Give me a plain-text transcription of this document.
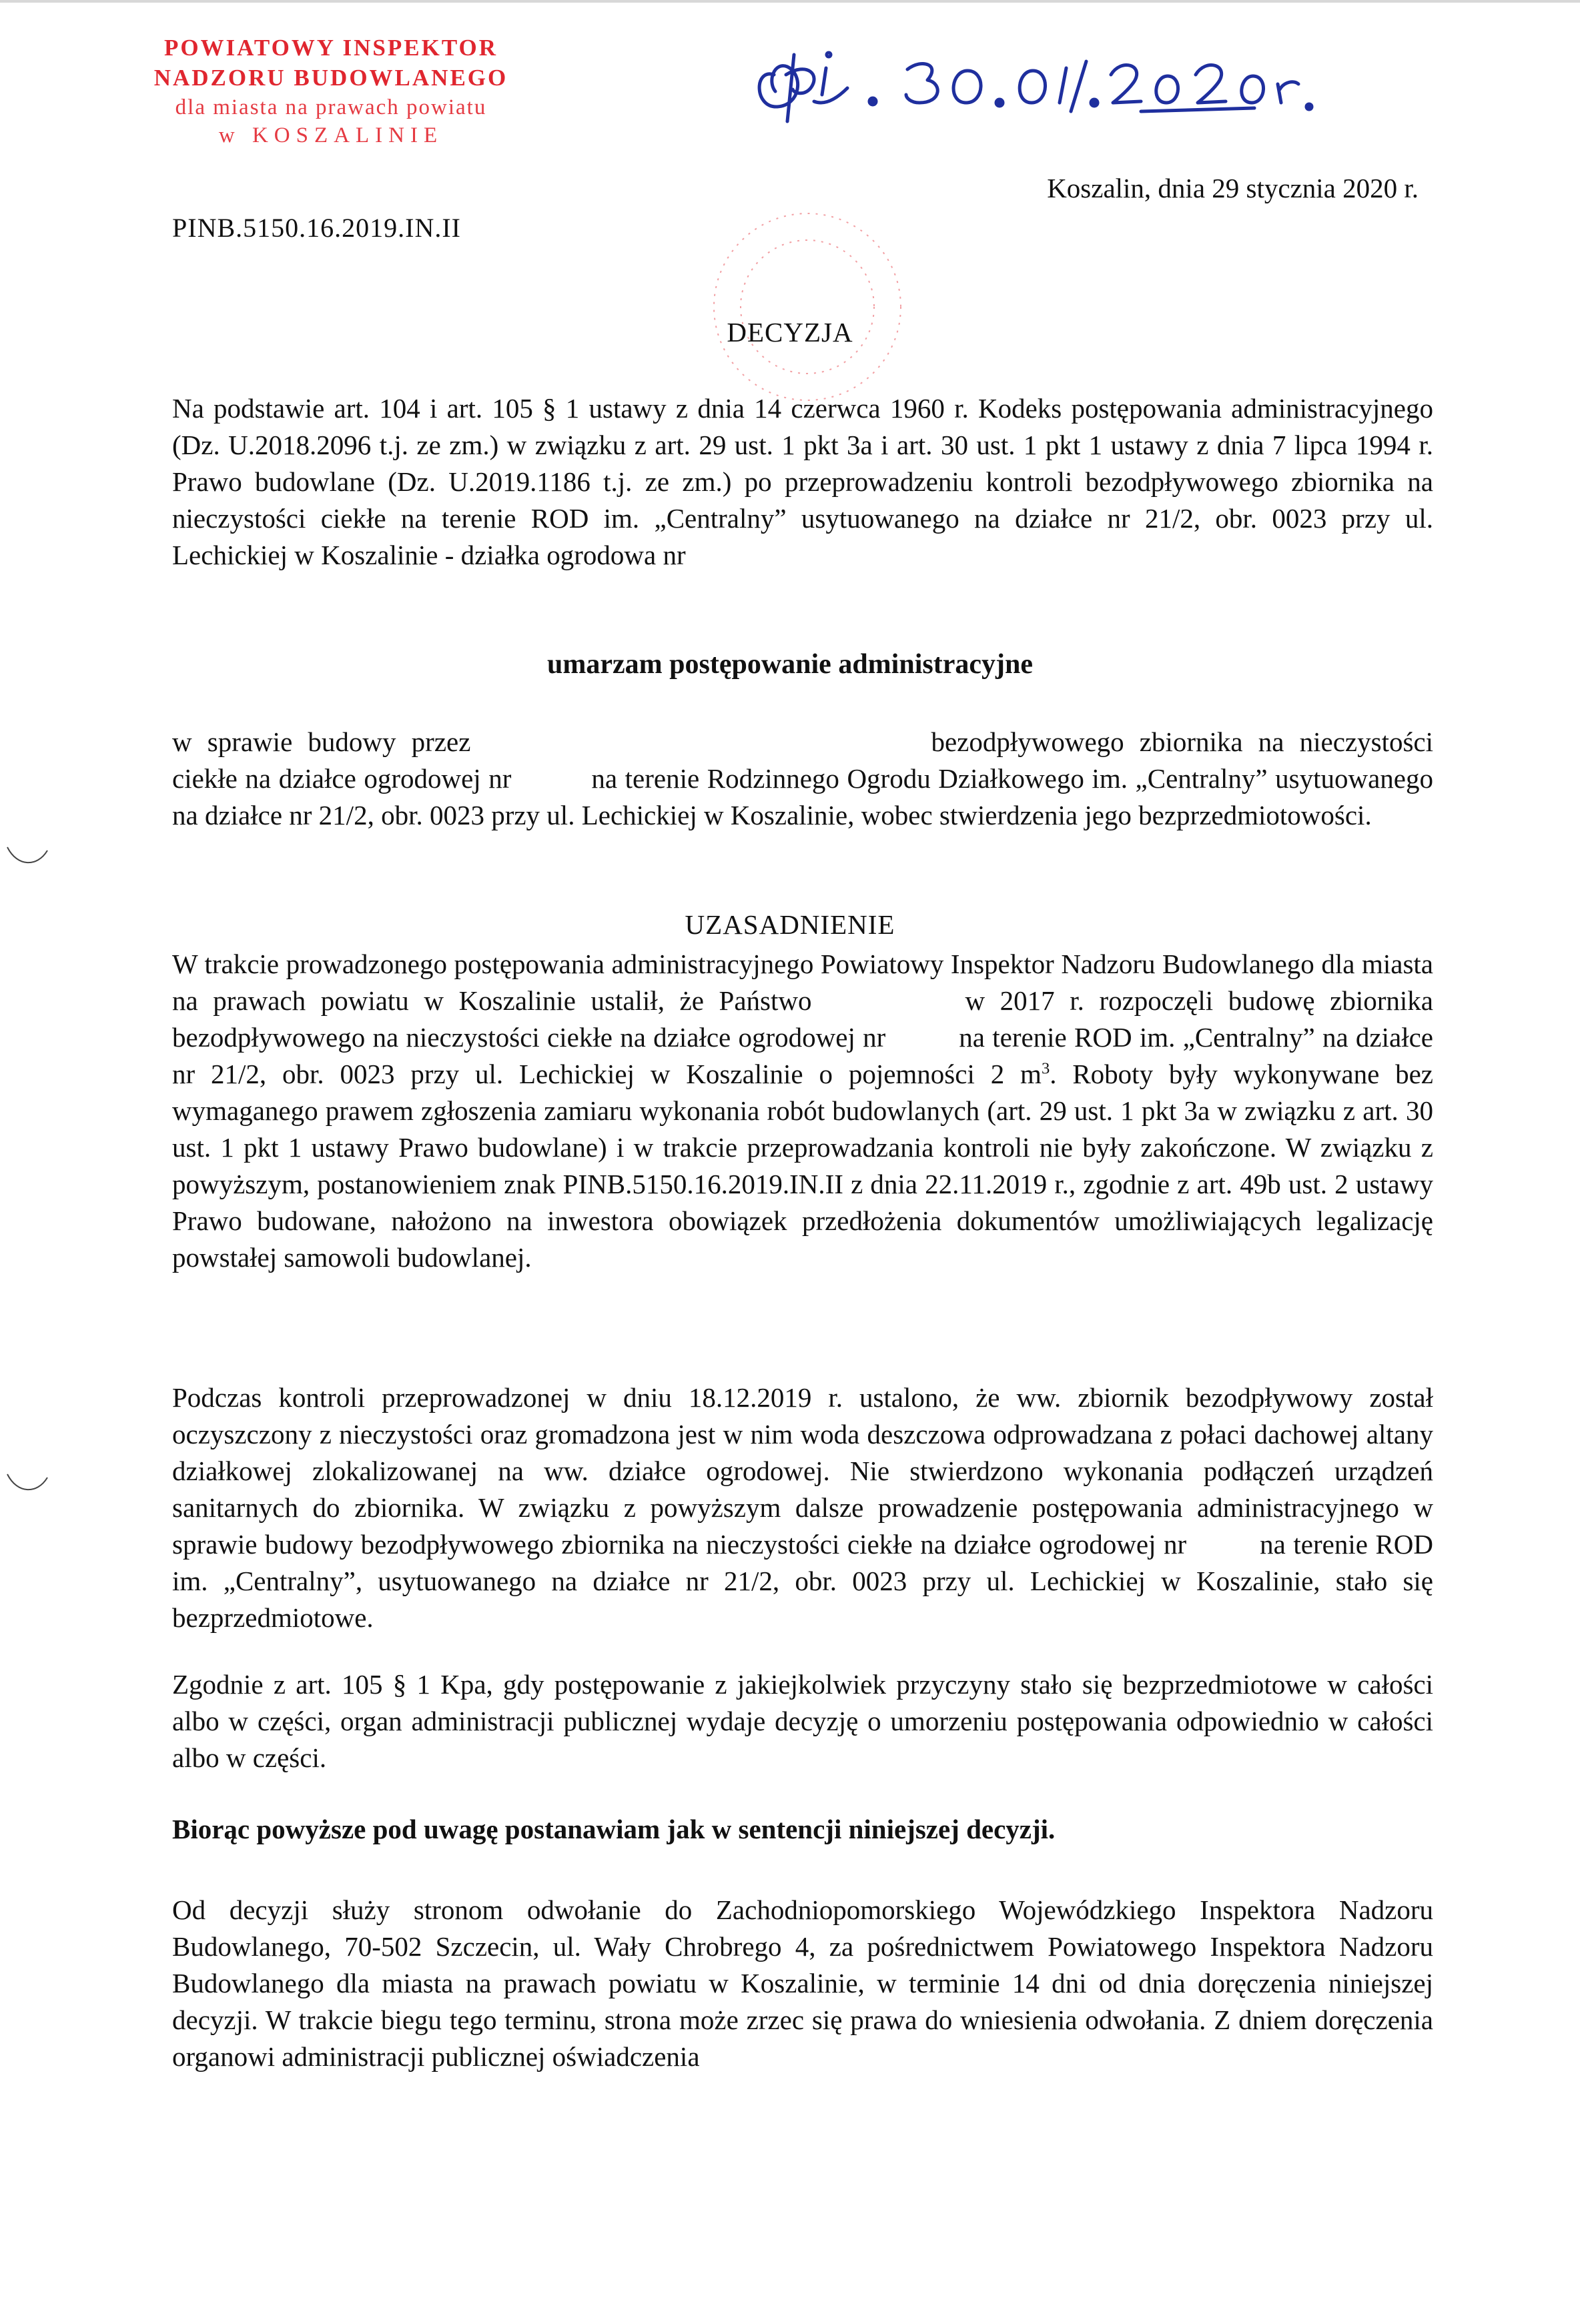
POWIATOWY INSPEKTOR
NADZORU BUDOWLANEGO
dla miasta na prawach powiatu
w KOSZALINIE
Koszalin, dnia 29 stycznia 2020 r.
PINB.5150.16.2019.IN.II
DECYZJA
Na podstawie art. 104 i art. 105 § 1 ustawy z dnia 14 czerwca 1960 r. Kodeks postępowania administracyjnego (Dz. U.2018.2096 t.j. ze zm.) w związku z art. 29 ust. 1 pkt 3a i art. 30 ust. 1 pkt 1 ustawy z dnia 7 lipca 1994 r. Prawo budowlane (Dz. U.2019.1186 t.j. ze zm.) po przeprowadzeniu kontroli bezodpływowego zbiornika na nieczystości ciekłe na terenie ROD im. „Centralny” usytuowanego na działce nr 21/2, obr. 0023 przy ul. Lechickiej w Koszalinie - działka ogrodowa nr
umarzam postępowanie administracyjne
w sprawie budowy przez	bezodpływowego zbiornika na nieczystości ciekłe na działce ogrodowej nr	na terenie Rodzinnego Ogrodu Działkowego im. „Centralny” usytuowanego na działce nr 21/2, obr. 0023 przy ul. Lechickiej w Koszalinie, wobec stwierdzenia jego bezprzedmiotowości.
UZASADNIENIE
W trakcie prowadzonego postępowania administracyjnego Powiatowy Inspektor Nadzoru Budowlanego dla miasta na prawach powiatu w Koszalinie ustalił, że Państwo	w 2017 r. rozpoczęli budowę zbiornika bezodpływowego na nieczystości ciekłe na działce ogrodowej nr	na terenie ROD im. „Centralny” na działce nr 21/2, obr. 0023 przy ul. Lechickiej w Koszalinie o pojemności 2 $m^3$. Roboty były wykonywane bez wymaganego prawem zgłoszenia zamiaru wykonania robót budowlanych (art. 29 ust. 1 pkt 3a w związku z art. 30 ust. 1 pkt 1 ustawy Prawo budowlane) i w trakcie przeprowadzania kontroli nie były zakończone. W związku z powyższym, postanowieniem znak PINB.5150.16.2019.IN.II z dnia 22.11.2019 r., zgodnie z art. 49b ust. 2 ustawy Prawo budowane, nałożono na inwestora obowiązek przedłożenia dokumentów umożliwiających legalizację powstałej samowoli budowlanej.
Podczas kontroli przeprowadzonej w dniu 18.12.2019 r. ustalono, że ww. zbiornik bezodpływowy został oczyszczony z nieczystości oraz gromadzona jest w nim woda deszczowa odprowadzana z połaci dachowej altany działkowej zlokalizowanej na ww. działce ogrodowej. Nie stwierdzono wykonania podłączeń urządzeń sanitarnych do zbiornika. W związku z powyższym dalsze prowadzenie postępowania administracyjnego w sprawie budowy bezodpływowego zbiornika na nieczystości ciekłe na działce ogrodowej nr	na terenie ROD im. „Centralny”, usytuowanego na działce nr 21/2, obr. 0023 przy ul. Lechickiej w Koszalinie, stało się bezprzedmiotowe.
Zgodnie z art. 105 § 1 Kpa, gdy postępowanie z jakiejkolwiek przyczyny stało się bezprzedmiotowe w całości albo w części, organ administracji publicznej wydaje decyzję o umorzeniu postępowania odpowiednio w całości albo w części.
Biorąc powyższe pod uwagę postanawiam jak w sentencji niniejszej decyzji.
Od decyzji służy stronom odwołanie do Zachodniopomorskiego Wojewódzkiego Inspektora Nadzoru Budowlanego, 70-502 Szczecin, ul. Wały Chrobrego 4, za pośrednictwem Powiatowego Inspektora Nadzoru Budowlanego dla miasta na prawach powiatu w Koszalinie, w terminie 14 dni od dnia doręczenia niniejszej decyzji. W trakcie biegu tego terminu, strona może zrzec się prawa do wniesienia odwołania. Z dniem doręczenia organowi administracji publicznej oświadczenia
